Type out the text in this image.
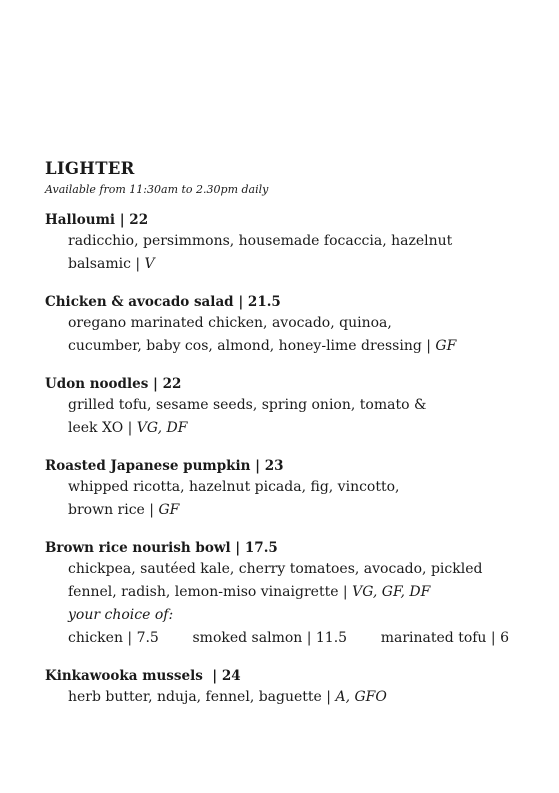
LIGHTER
Available from 11:30am to 2.30pm daily
Halloumi | 22
radicchio, persimmons, housemade focaccia, hazelnut
balsamic | V
Chicken & avocado salad | 21.5
oregano marinated chicken, avocado, quinoa,
cucumber, baby cos, almond, honey-lime dressing | GF
Udon noodles | 22
grilled tofu, sesame seeds, spring onion, tomato &
leek XO | VG, DF
Roasted Japanese pumpkin | 23
whipped ricotta, hazelnut picada, fig, vincotto,
brown rice | GF
Brown rice nourish bowl | 17.5
chickpea, sautéed kale, cherry tomatoes, avocado, pickled
fennel, radish, lemon-miso vinaigrette | VG, GF, DF
your choice of:
chicken | 7.5 smoked salmon | 11.5 marinated tofu | 6
Kinkawooka mussels  | 24
herb butter, nduja, fennel, baguette | A, GFO
